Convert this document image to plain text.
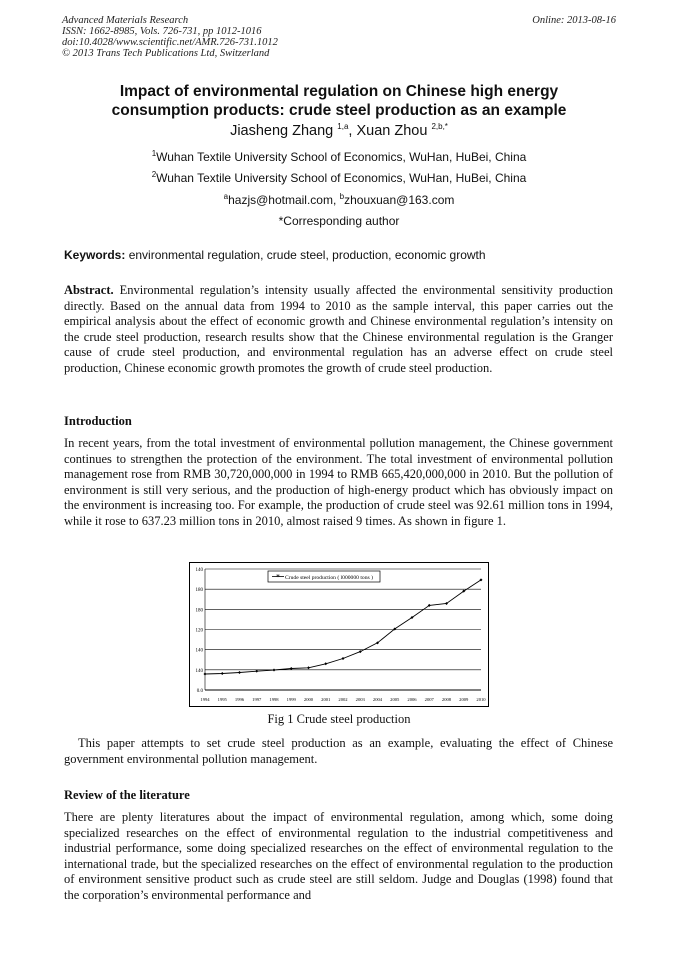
Advanced Materials Research
ISSN: 1662-8985, Vols. 726-731, pp 1012-1016
doi:10.4028/www.scientific.net/AMR.726-731.1012
© 2013 Trans Tech Publications Ltd, Switzerland
Online: 2013-08-16
Impact of environmental regulation on Chinese high energy
consumption products: crude steel production as an example
Jiasheng Zhang $^{1,a}$, Xuan Zhou $^{2,b,*}$
$^1$Wuhan Textile University School of Economics, WuHan, HuBei, China
$^2$Wuhan Textile University School of Economics, WuHan, HuBei, China
$^a$hazjs@hotmail.com, $^b$zhouxuan@163.com
*Corresponding author
Keywords: environmental regulation, crude steel, production, economic growth
Abstract. Environmental regulation’s intensity usually affected the environmental sensitivity production directly. Based on the annual data from 1994 to 2010 as the sample interval, this paper carries out the empirical analysis about the effect of economic growth and Chinese environmental regulation’s intensity on the crude steel production, research results show that the Chinese environmental regulation is the Granger cause of crude steel production, and environmental regulation has an adverse effect on crude steel production, Chinese economic growth promotes the growth of crude steel production.
Introduction
In recent years, from the total investment of environmental pollution management, the Chinese government continues to strengthen the protection of the environment. The total investment of environmental pollution management rose from RMB 30,720,000,000 in 1994 to RMB 665,420,000,000 in 2010. But the pollution of environment is still very serious, and the production of high-energy product which has obviously impact on the environment is increasing too. For example, the production of crude steel was 92.61 million tons in 1994, while it rose to 637.23 million tons in 2010, almost raised 9 times. As shown in figure 1.
0.0
140
140
120
180
180
140
1994 1995 1996 1997 1998 1999 2000 2001 2002 2003 2004 2005 2006 2007 2008 2009 2010
* Crude steel production ( l000000 tons )
Fig 1 Crude steel production
This paper attempts to set crude steel production as an example, evaluating the effect of Chinese government environmental pollution management.
Review of the literature
There are plenty literatures about the impact of environmental regulation, among which, some doing specialized researches on the effect of environmental regulation to the industrial competitiveness and industrial performance, some doing specialized researches on the effect of environmental regulation to the international trade, but the specialized researches on the effect of environmental regulation to the production of environment sensitive product such as crude steel are still seldom. Judge and Douglas (1998) found that the corporation’s environmental performance and
